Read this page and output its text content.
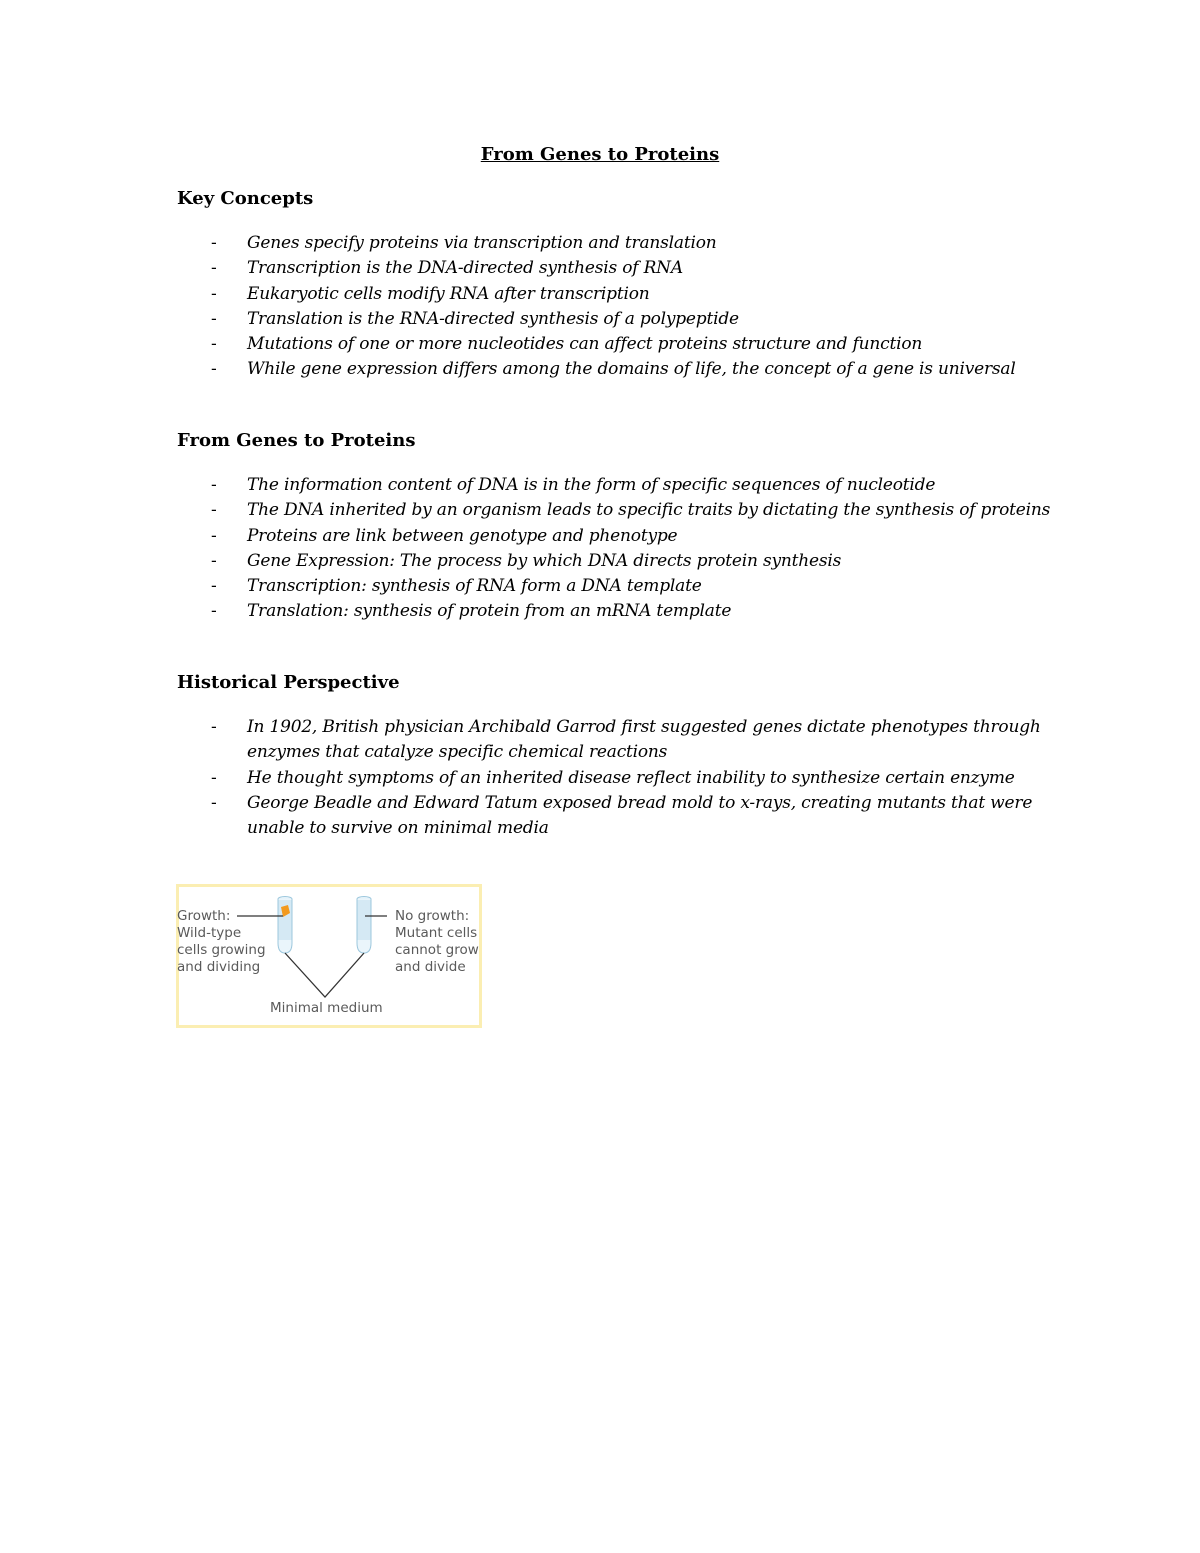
From Genes to Proteins
Key Concepts
- Genes specify proteins via transcription and translation
- Transcription is the DNA-directed synthesis of RNA
- Eukaryotic cells modify RNA after transcription
- Translation is the RNA-directed synthesis of a polypeptide
- Mutations of one or more nucleotides can affect proteins structure and function
- While gene expression differs among the domains of life, the concept of a gene is universal
From Genes to Proteins
- The information content of DNA is in the form of specific sequences of nucleotide
- The DNA inherited by an organism leads to specific traits by dictating the synthesis of proteins
- Proteins are link between genotype and phenotype
- Gene Expression: The process by which DNA directs protein synthesis
- Transcription: synthesis of RNA form a DNA template
- Translation: synthesis of protein from an mRNA template
Historical Perspective
- In 1902, British physician Archibald Garrod first suggested genes dictate phenotypes through enzymes that catalyze specific chemical reactions
- He thought symptoms of an inherited disease reflect inability to synthesize certain enzyme
- George Beadle and Edward Tatum exposed bread mold to x-rays, creating mutants that were unable to survive on minimal media
Growth:
Wild-type
cells growing
and dividing
No growth:
Mutant cells
cannot grow
and divide
Minimal medium
